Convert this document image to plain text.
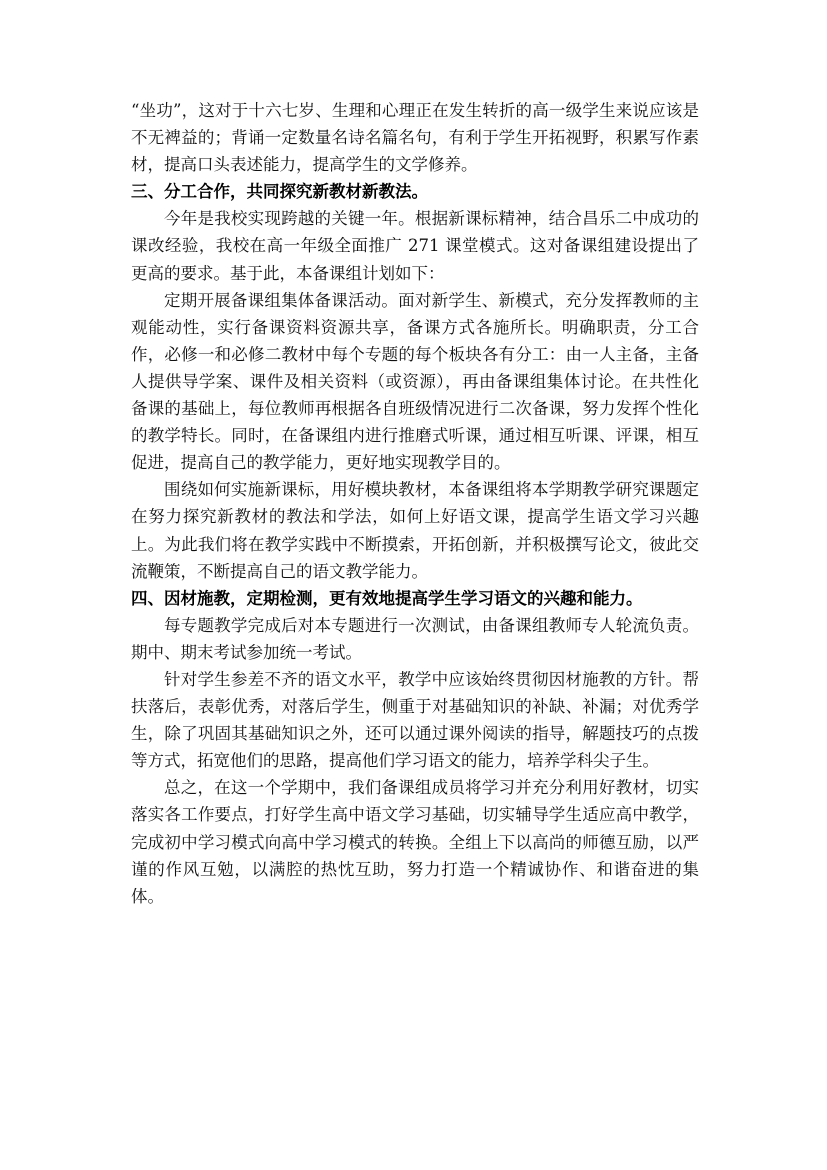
“坐功”，这对于十六七岁、生理和心理正在发生转折的高一级学生来说应该是不无裨益的；背诵一定数量名诗名篇名句，有利于学生开拓视野，积累写作素材，提高口头表述能力，提高学生的文学修养。

三、分工合作，共同探究新教材新教法。

今年是我校实现跨越的关键一年。根据新课标精神，结合昌乐二中成功的课改经验，我校在高一年级全面推广 271 课堂模式。这对备课组建设提出了更高的要求。基于此，本备课组计划如下：

定期开展备课组集体备课活动。面对新学生、新模式，充分发挥教师的主观能动性，实行备课资料资源共享，备课方式各施所长。明确职责，分工合作，必修一和必修二教材中每个专题的每个板块各有分工：由一人主备，主备人提供导学案、课件及相关资料（或资源），再由备课组集体讨论。在共性化备课的基础上，每位教师再根据各自班级情况进行二次备课，努力发挥个性化的教学特长。同时，在备课组内进行推磨式听课，通过相互听课、评课，相互促进，提高自己的教学能力，更好地实现教学目的。

围绕如何实施新课标，用好模块教材，本备课组将本学期教学研究课题定在努力探究新教材的教法和学法，如何上好语文课，提高学生语文学习兴趣上。为此我们将在教学实践中不断摸索，开拓创新，并积极撰写论文，彼此交流鞭策，不断提高自己的语文教学能力。

四、因材施教，定期检测，更有效地提高学生学习语文的兴趣和能力。

每专题教学完成后对本专题进行一次测试，由备课组教师专人轮流负责。期中、期末考试参加统一考试。

针对学生参差不齐的语文水平，教学中应该始终贯彻因材施教的方针。帮扶落后，表彰优秀，对落后学生，侧重于对基础知识的补缺、补漏；对优秀学生，除了巩固其基础知识之外，还可以通过课外阅读的指导，解题技巧的点拨等方式，拓宽他们的思路，提高他们学习语文的能力，培养学科尖子生。

总之，在这一个学期中，我们备课组成员将学习并充分利用好教材，切实落实各工作要点，打好学生高中语文学习基础，切实辅导学生适应高中教学，完成初中学习模式向高中学习模式的转换。全组上下以高尚的师德互励，以严谨的作风互勉，以满腔的热忱互助，努力打造一个精诚协作、和谐奋进的集体。
